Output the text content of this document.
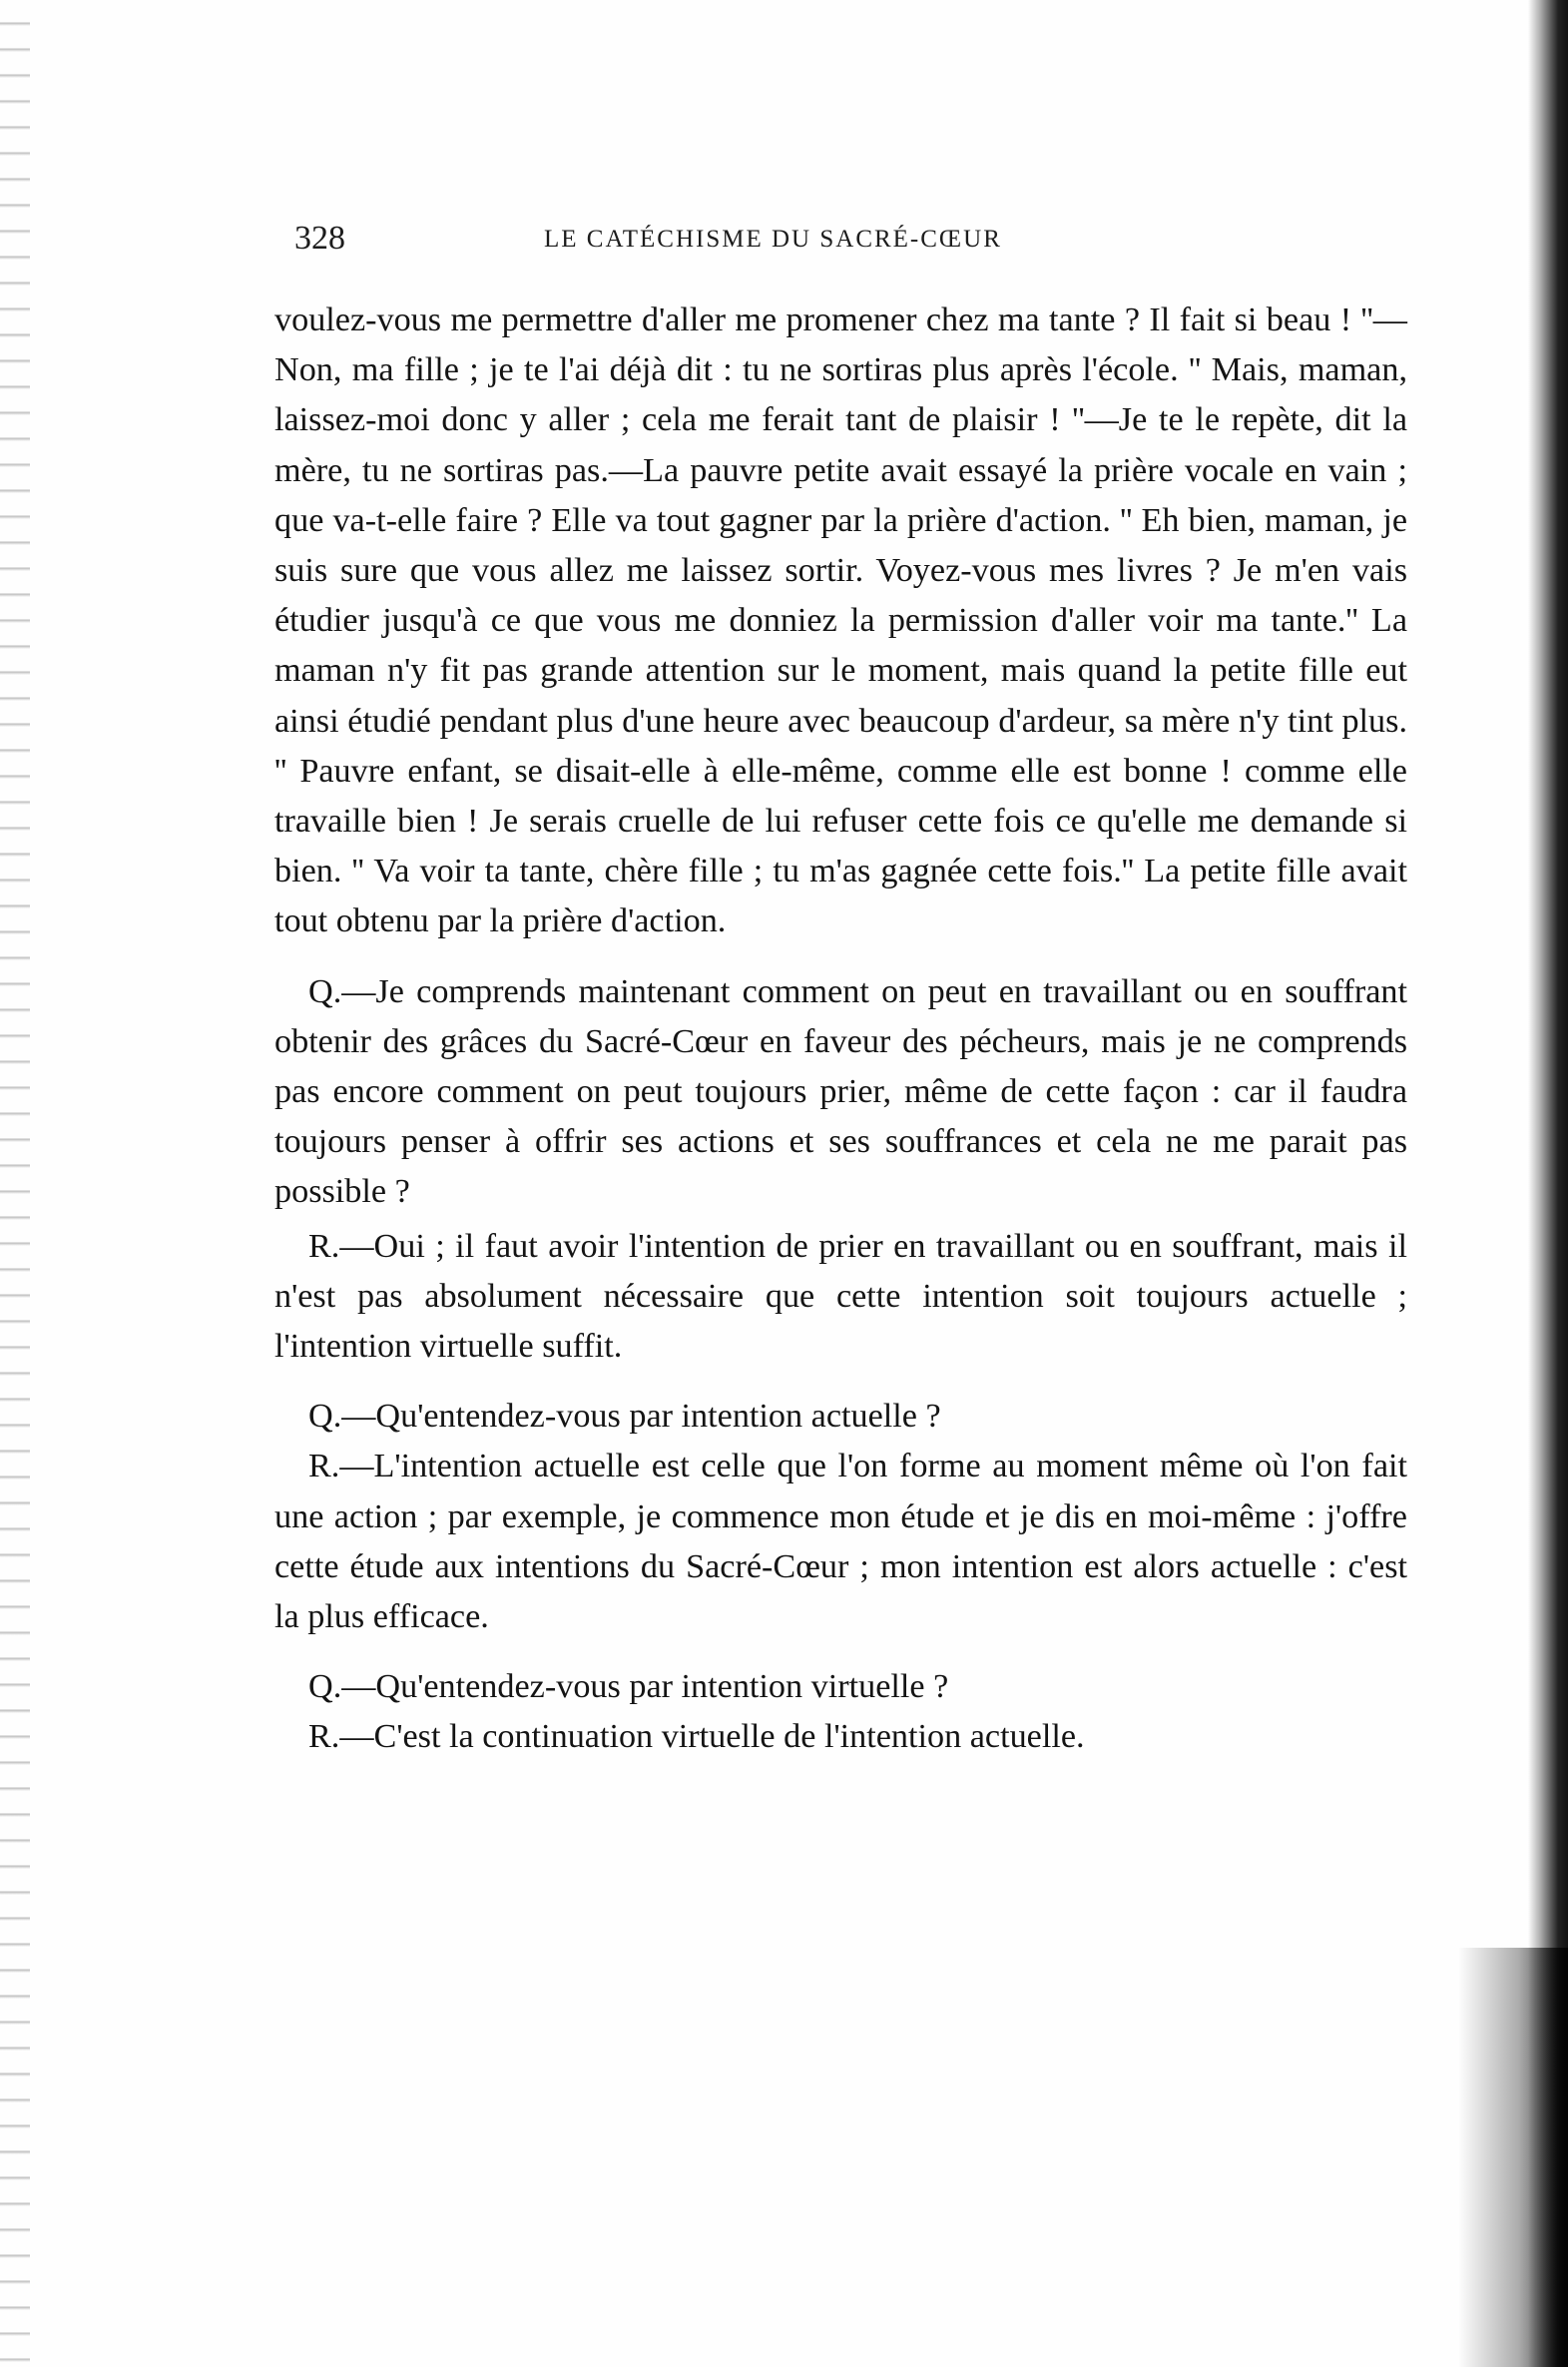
328	LE CATÉCHISME DU SACRÉ-CŒUR

voulez-vous me permettre d'aller me promener chez ma tante ? Il fait si beau ! ''—Non, ma fille ; je te l'ai déjà dit : tu ne sortiras plus après l'école. '' Mais, maman, laissez-moi donc y aller ; cela me ferait tant de plaisir ! ''—Je te le repète, dit la mère, tu ne sortiras pas.—La pauvre petite avait essayé la prière vocale en vain ; que va-t-elle faire ? Elle va tout gagner par la prière d'action. '' Eh bien, maman, je suis sure que vous allez me laissez sortir. Voyez-vous mes livres ? Je m'en vais étudier jusqu'à ce que vous me donniez la permission d'aller voir ma tante.'' La maman n'y fit pas grande attention sur le moment, mais quand la petite fille eut ainsi étudié pendant plus d'une heure avec beaucoup d'ardeur, sa mère n'y tint plus. '' Pauvre enfant, se disait-elle à elle-même, comme elle est bonne ! comme elle travaille bien ! Je serais cruelle de lui refuser cette fois ce qu'elle me demande si bien. '' Va voir ta tante, chère fille ; tu m'as gagnée cette fois.'' La petite fille avait tout obtenu par la prière d'action.

Q.—Je comprends maintenant comment on peut en travaillant ou en souffrant obtenir des grâces du Sacré-Cœur en faveur des pécheurs, mais je ne comprends pas encore comment on peut toujours prier, même de cette façon : car il faudra toujours penser à offrir ses actions et ses souffrances et cela ne me parait pas possible ?

R.—Oui ; il faut avoir l'intention de prier en travaillant ou en souffrant, mais il n'est pas absolument nécessaire que cette intention soit toujours actuelle ; l'intention virtuelle suffit.

Q.—Qu'entendez-vous par intention actuelle ?

R.—L'intention actuelle est celle que l'on forme au moment même où l'on fait une action ; par exemple, je commence mon étude et je dis en moi-même : j'offre cette étude aux intentions du Sacré-Cœur ; mon intention est alors actuelle : c'est la plus efficace.

Q.—Qu'entendez-vous par intention virtuelle ?

R.—C'est la continuation virtuelle de l'intention actuelle.
